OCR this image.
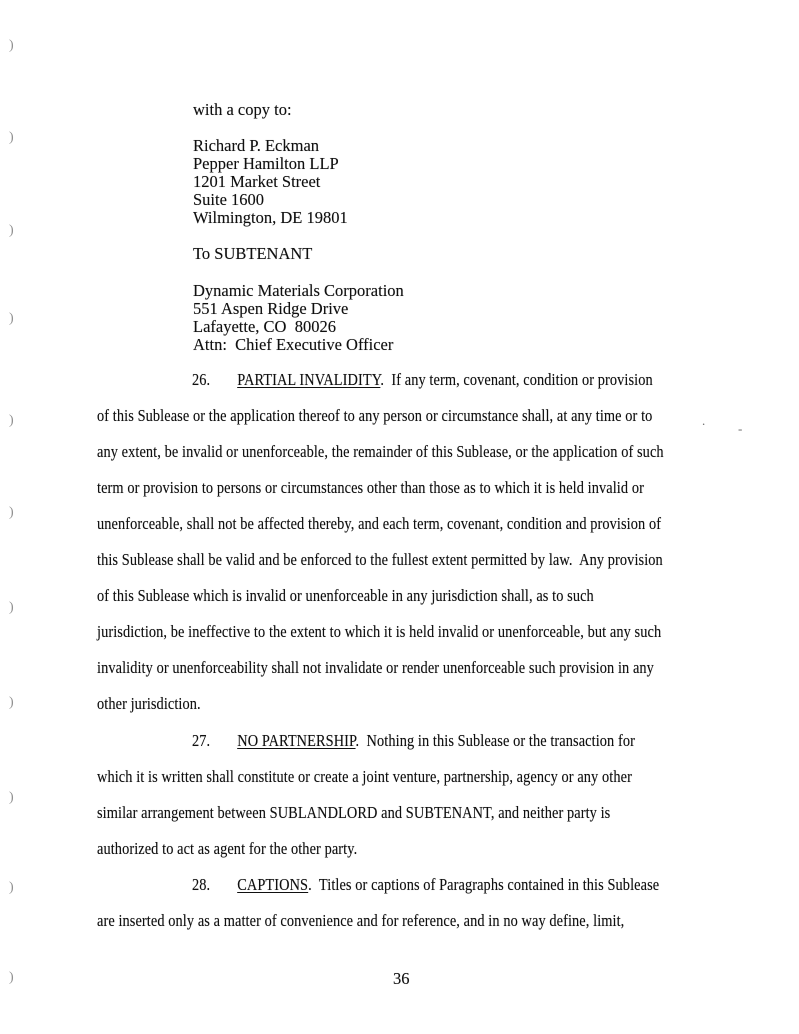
)
)
)
)
)
)
)
)
)
)
)
.
-
with a copy to:
Richard P. Eckman
Pepper Hamilton LLP
1201 Market Street
Suite 1600
Wilmington, DE 19801
To SUBTENANT
Dynamic Materials Corporation
551 Aspen Ridge Drive
Lafayette, CO  80026
Attn:  Chief Executive Officer
26. PARTIAL INVALIDITY.  If any term, covenant, condition or provision
of this Sublease or the application thereof to any person or circumstance shall, at any time or to
any extent, be invalid or unenforceable, the remainder of this Sublease, or the application of such
term or provision to persons or circumstances other than those as to which it is held invalid or
unenforceable, shall not be affected thereby, and each term, covenant, condition and provision of
this Sublease shall be valid and be enforced to the fullest extent permitted by law.  Any provision
of this Sublease which is invalid or unenforceable in any jurisdiction shall, as to such
jurisdiction, be ineffective to the extent to which it is held invalid or unenforceable, but any such
invalidity or unenforceability shall not invalidate or render unenforceable such provision in any
other jurisdiction.
27. NO PARTNERSHIP.  Nothing in this Sublease or the transaction for
which it is written shall constitute or create a joint venture, partnership, agency or any other
similar arrangement between SUBLANDLORD and SUBTENANT, and neither party is
authorized to act as agent for the other party.
28. CAPTIONS.  Titles or captions of Paragraphs contained in this Sublease
are inserted only as a matter of convenience and for reference, and in no way define, limit,
36
